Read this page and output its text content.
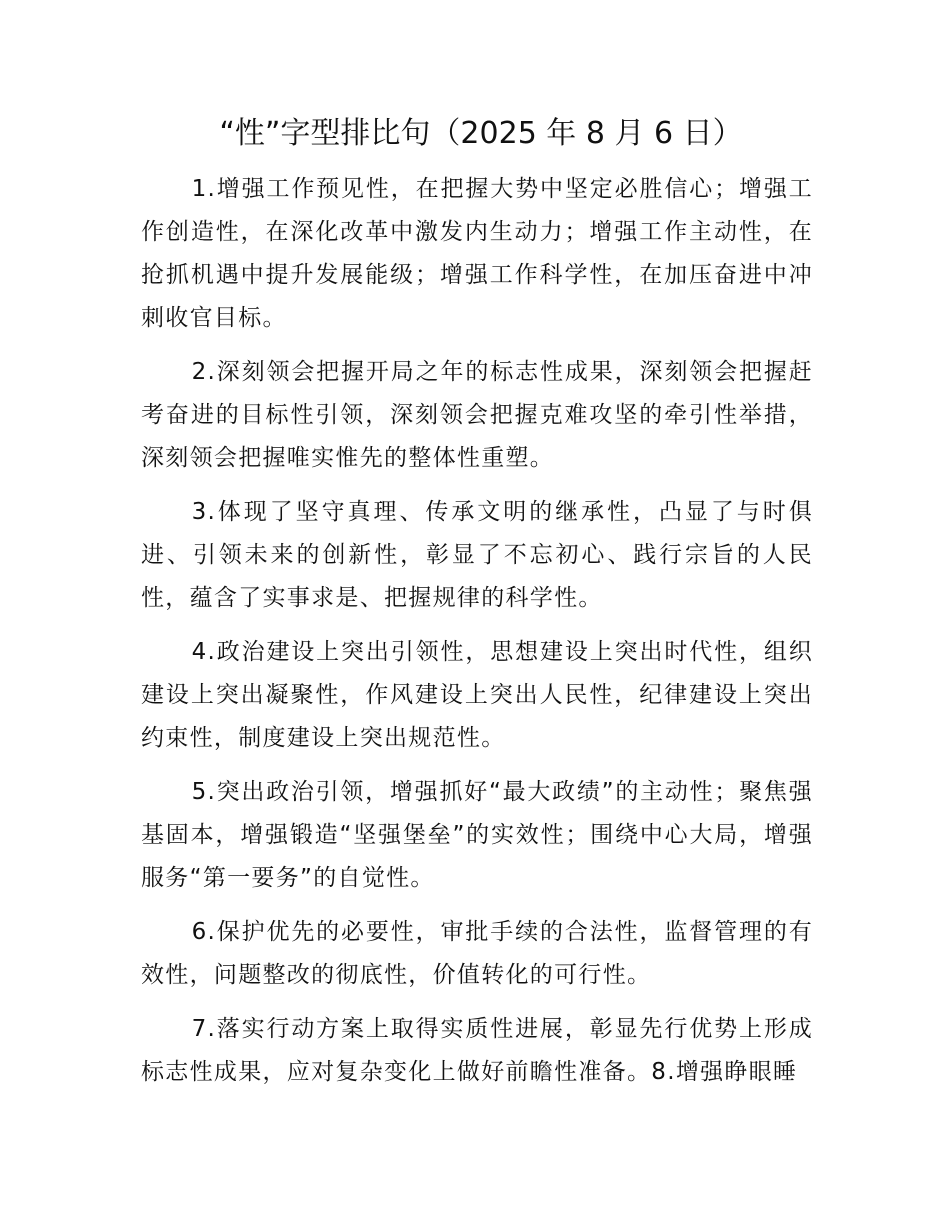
“性”字型排比句（2025 年 8 月 6 日）

1.增强工作预见性，在把握大势中坚定必胜信心；增强工作创造性，在深化改革中激发内生动力；增强工作主动性，在抢抓机遇中提升发展能级；增强工作科学性，在加压奋进中冲刺收官目标。

2.深刻领会把握开局之年的标志性成果，深刻领会把握赶考奋进的目标性引领，深刻领会把握克难攻坚的牵引性举措，深刻领会把握唯实惟先的整体性重塑。

3.体现了坚守真理、传承文明的继承性，凸显了与时俱进、引领未来的创新性，彰显了不忘初心、践行宗旨的人民性，蕴含了实事求是、把握规律的科学性。

4.政治建设上突出引领性，思想建设上突出时代性，组织建设上突出凝聚性，作风建设上突出人民性，纪律建设上突出约束性，制度建设上突出规范性。

5.突出政治引领，增强抓好“最大政绩”的主动性；聚焦强基固本，增强锻造“坚强堡垒”的实效性；围绕中心大局，增强服务“第一要务”的自觉性。

6.保护优先的必要性，审批手续的合法性，监督管理的有效性，问题整改的彻底性，价值转化的可行性。

7.落实行动方案上取得实质性进展，彰显先行优势上形成标志性成果，应对复杂变化上做好前瞻性准备。8.增强睁眼睡
